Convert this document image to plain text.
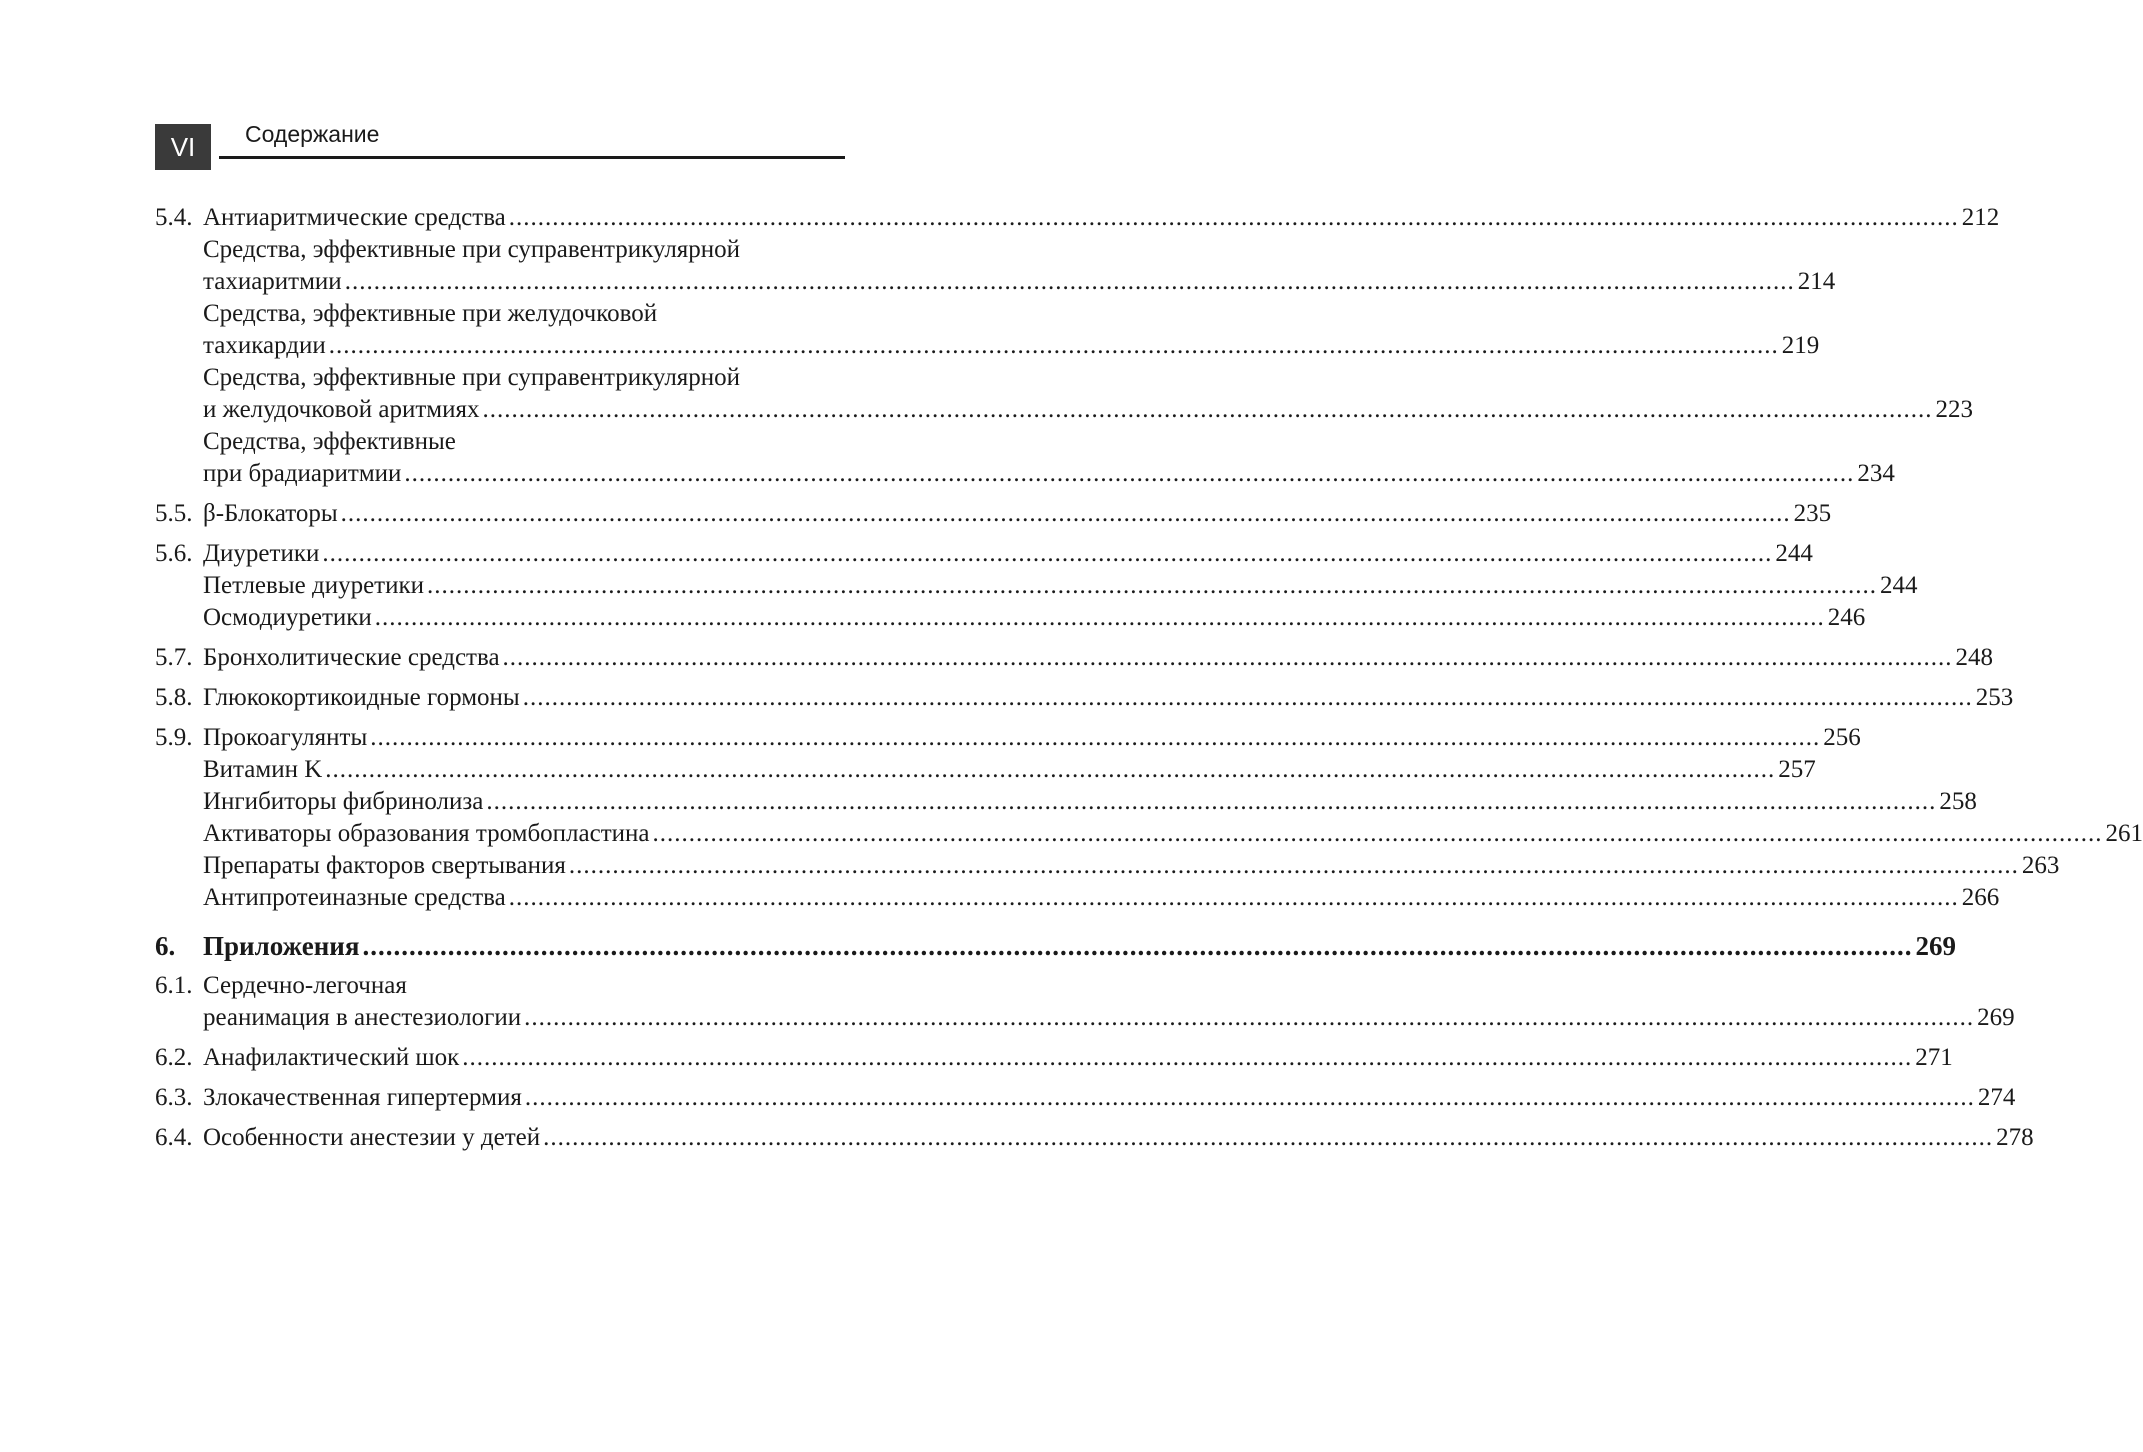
VI	Содержание
5.4. Антиаритмические средства ........................................................................................................................................................................................................ 212
Средства, эффективные при суправентрикулярной
тахиаритмии ........................................................................................................................................................................................................ 214
Средства, эффективные при желудочковой
тахикардии ........................................................................................................................................................................................................ 219
Средства, эффективные при суправентрикулярной
и желудочковой аритмиях ........................................................................................................................................................................................................ 223
Средства, эффективные
при брадиаритмии ........................................................................................................................................................................................................ 234
5.5. β-Блокаторы ........................................................................................................................................................................................................ 235
5.6. Диуретики ........................................................................................................................................................................................................ 244
Петлевые диуретики ........................................................................................................................................................................................................ 244
Осмодиуретики ........................................................................................................................................................................................................ 246
5.7. Бронхолитические средства ........................................................................................................................................................................................................ 248
5.8. Глюкокортикоидные гормоны ........................................................................................................................................................................................................ 253
5.9. Прокоагулянты ........................................................................................................................................................................................................ 256
Витамин K ........................................................................................................................................................................................................ 257
Ингибиторы фибринолиза ........................................................................................................................................................................................................ 258
Активаторы образования тромбопластина ........................................................................................................................................................................................................ 261
Препараты факторов свертывания ........................................................................................................................................................................................................ 263
Антипротеиназные средства ........................................................................................................................................................................................................ 266
6. Приложения ........................................................................................................................................................................................................ 269
6.1. Сердечно-легочная
реанимация в анестезиологии ........................................................................................................................................................................................................ 269
6.2. Анафилактический шок ........................................................................................................................................................................................................ 271
6.3. Злокачественная гипертермия ........................................................................................................................................................................................................ 274
6.4. Особенности анестезии у детей ........................................................................................................................................................................................................ 278
